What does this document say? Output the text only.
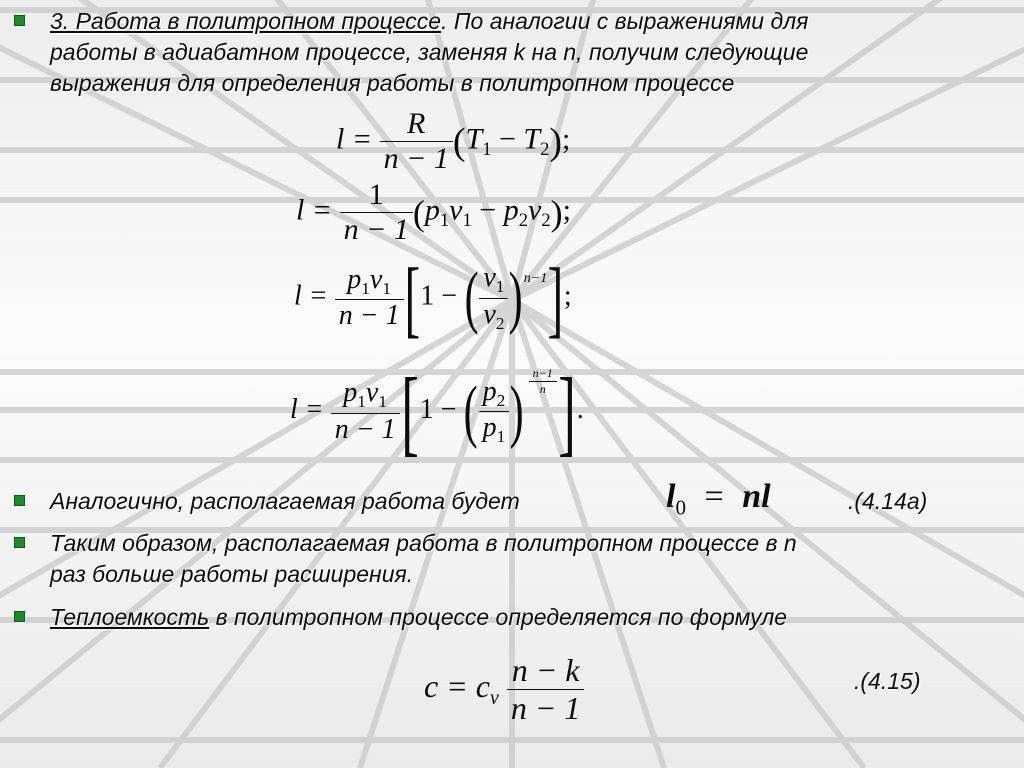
3. Работа в политропном процессе. По аналогии с выражениями для
работы в адиабатном процессе, заменяя k на n, получим следующие
выражения для определения работы в политропном процессе
$l = \frac{R}{n - 1} (T_1 - T_2)$;
$l = \frac{1}{n - 1} (p_1v_1 - p_2v_2)$;
$l = \frac{p_1v_1}{n - 1} [1$ − ( $\frac{v_1}{v_2} )^{n-1}$];
$l = \frac{p_1v_1}{n - 1} [1$ − ( $\frac{p_2}{p_1}$ ) $\frac{n-1}{n}$ ].
Аналогично, располагаемая работа будет	$l_0$ = nl	.(4.14а)
Таким образом, располагаемая работа в политропном процессе в n
раз больше работы расширения.
Теплоемкость в политропном процессе определяется по формуле
$c = c_v \frac{n - k}{n - 1}$	.(4.15)
